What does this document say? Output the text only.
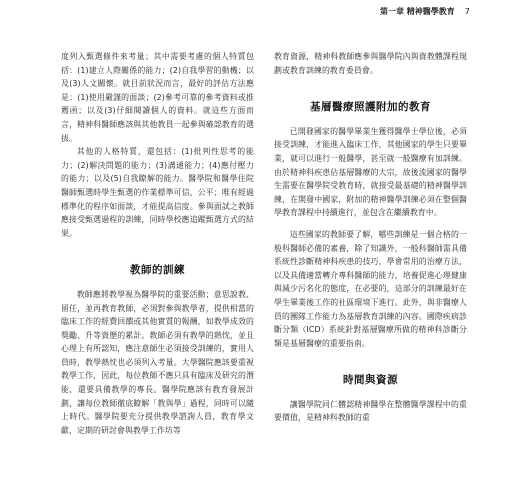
第一章 精神醫學教育 7

度列入甄選條件來考量；其中需要考慮的個人特質包括：(1)建立人際關係的能力；(2)自我學習的動機；以及(3)人文關懷。就目前狀況而言，最好的評估方法應是：(1)使用嚴謹的面談；(2)參考可靠的參考資料或推薦函；以及(3)仔細閱讀個人的資料。就這些方面而言，精神科醫師應該與其他教員一起參與確認教育的選拔。

其他的人格特質，還包括：(1)批判性思考的能力；(2)解決問題的能力；(3)溝通能力；(4)應付壓力的能力；以及(5)自我瞭解的能力。醫學院和醫學住院醫師甄選時學生甄選的作業標準可信，公平；唯有經過標準化的程序如面談，才能提高信度。參與面試之教師應接受甄選過程的訓練，同時學校應追蹤甄選方式的結果。

教師的訓練

教師應將教學視為醫學院的重要活動；意思說教、留任，並再教育教師，必須對參與教學者，提供相當的臨床工作的經費回饋或其他實質的報酬，如教學成效的獎勵、升等資歷的累計。教師必須有教學的熱忱，並且心理上有所認知，應注意師生必須接受訓練的，實用人員時，教學熱忱也必須列入考量。大學醫院應該要重視教學工作，因此，每位教師不應只具有臨床及研究的潛能，還要具備教學的專長。醫學院應該有教育發展計劃，讓每位教師徹底瞭解「教與學」過程，同時可以隨上時代。醫學院要充分提供教學諮詢人員，教育學文獻，定期的研討會與教學工作坊等

教育資源，精神科教師應參與醫學院內與資教體課程規劃或教育訓練的教育委員會。

基層醫療照護附加的教育

已開發國家的醫學畢業生獲得醫學士學位後，必須接受訓練，才能進入臨床工作，其他國家的學生只要畢業，就可以進行一般醫學，甚至就一般醫療有加訓練。由於精神科疾患佔基層醫療的大宗，故後流國家的醫學生需要在醫學院受教育時，就接受最基礎的精神醫學訓練，在開發中國家，附加的精神醫學訓練必須在整個醫學教育課程中持續進行，並包含在繼續教育中。

這些國家的教師要了解，哪些訓練是一個合格的一般科醫師必備的素養，除了知識外，一般科醫師需具備系統性診斷精神科疾患的技巧，學會常用的治療方法，以及具備適當轉介專科醫師的能力，培養促進心理健康與減少污名化的態度，在必要的，這部分的訓練最好在學生畢業後工作的社區環境下進行。此外，與非醫療人員的團隊工作能力為基層教育訓練的內容。國際疾病診斷分類（ICD）系統針對基層醫療所做的精神科診斷分類是基層醫療的重要指南。

時間與資源

讓醫學院同仁體認精神醫學在整體醫學課程中的重要價值，是精神科教師的重
